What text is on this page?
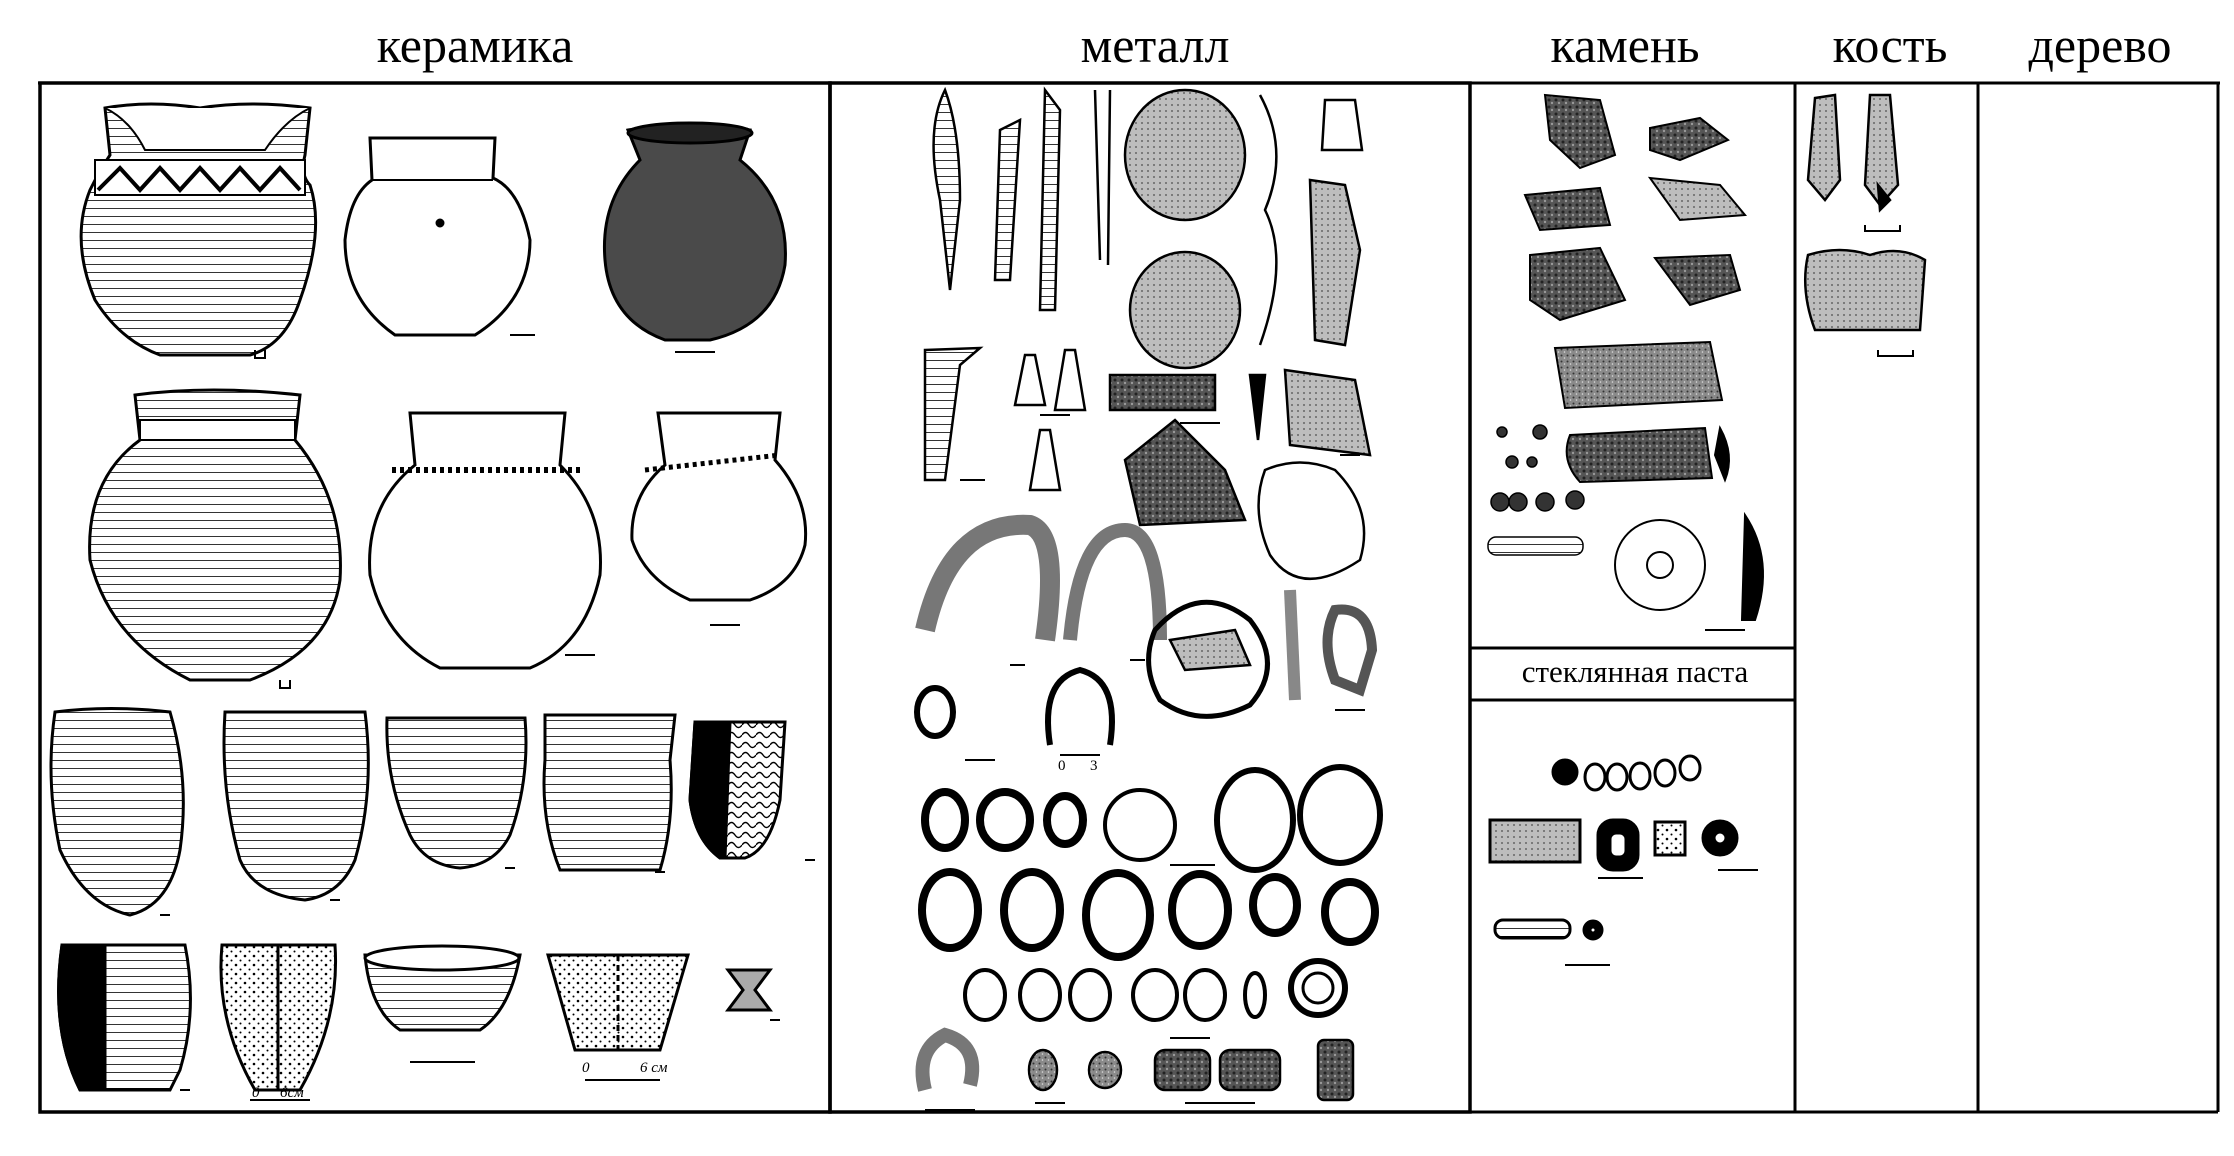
керамика	металл	камень	кость	дерево
стеклянная паста
0 6см
0	6 см
0 3
